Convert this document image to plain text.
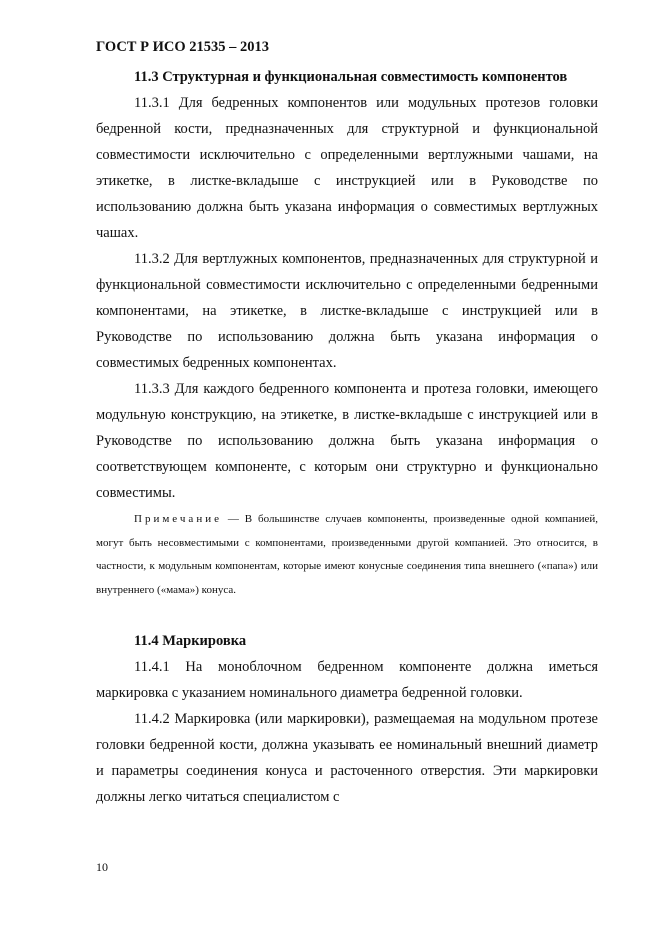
ГОСТ Р ИСО 21535 – 2013

11.3 Структурная и функциональная совместимость компонентов

11.3.1 Для бедренных компонентов или модульных протезов головки бедренной кости, предназначенных для структурной и функциональной совместимости исключительно с определенными вертлужными чашами, на этикетке, в листке-вкладыше с инструкцией или в Руководстве по использованию должна быть указана информация о совместимых вертлужных чашах.

11.3.2 Для вертлужных компонентов, предназначенных для структурной и функциональной совместимости исключительно с определенными бедренными компонентами, на этикетке, в листке-вкладыше с инструкцией или в Руководстве по использованию должна быть указана информация о совместимых бедренных компонентах.

11.3.3 Для каждого бедренного компонента и протеза головки, имеющего модульную конструкцию, на этикетке, в листке-вкладыше с инструкцией или в Руководстве по использованию должна быть указана информация о соответствующем компоненте, с которым они структурно и функционально совместимы.

Примечание — В большинстве случаев компоненты, произведенные одной компанией, могут быть несовместимыми с компонентами, произведенными другой компанией. Это относится, в частности, к модульным компонентам, которые имеют конусные соединения типа внешнего («папа») или внутреннего («мама») конуса.

11.4 Маркировка

11.4.1 На моноблочном бедренном компоненте должна иметься маркировка с указанием номинального диаметра бедренной головки.

11.4.2 Маркировка (или маркировки), размещаемая на модульном протезе головки бедренной кости, должна указывать ее номинальный внешний диаметр и параметры соединения конуса и расточенного отверстия. Эти маркировки должны легко читаться специалистом с

10
